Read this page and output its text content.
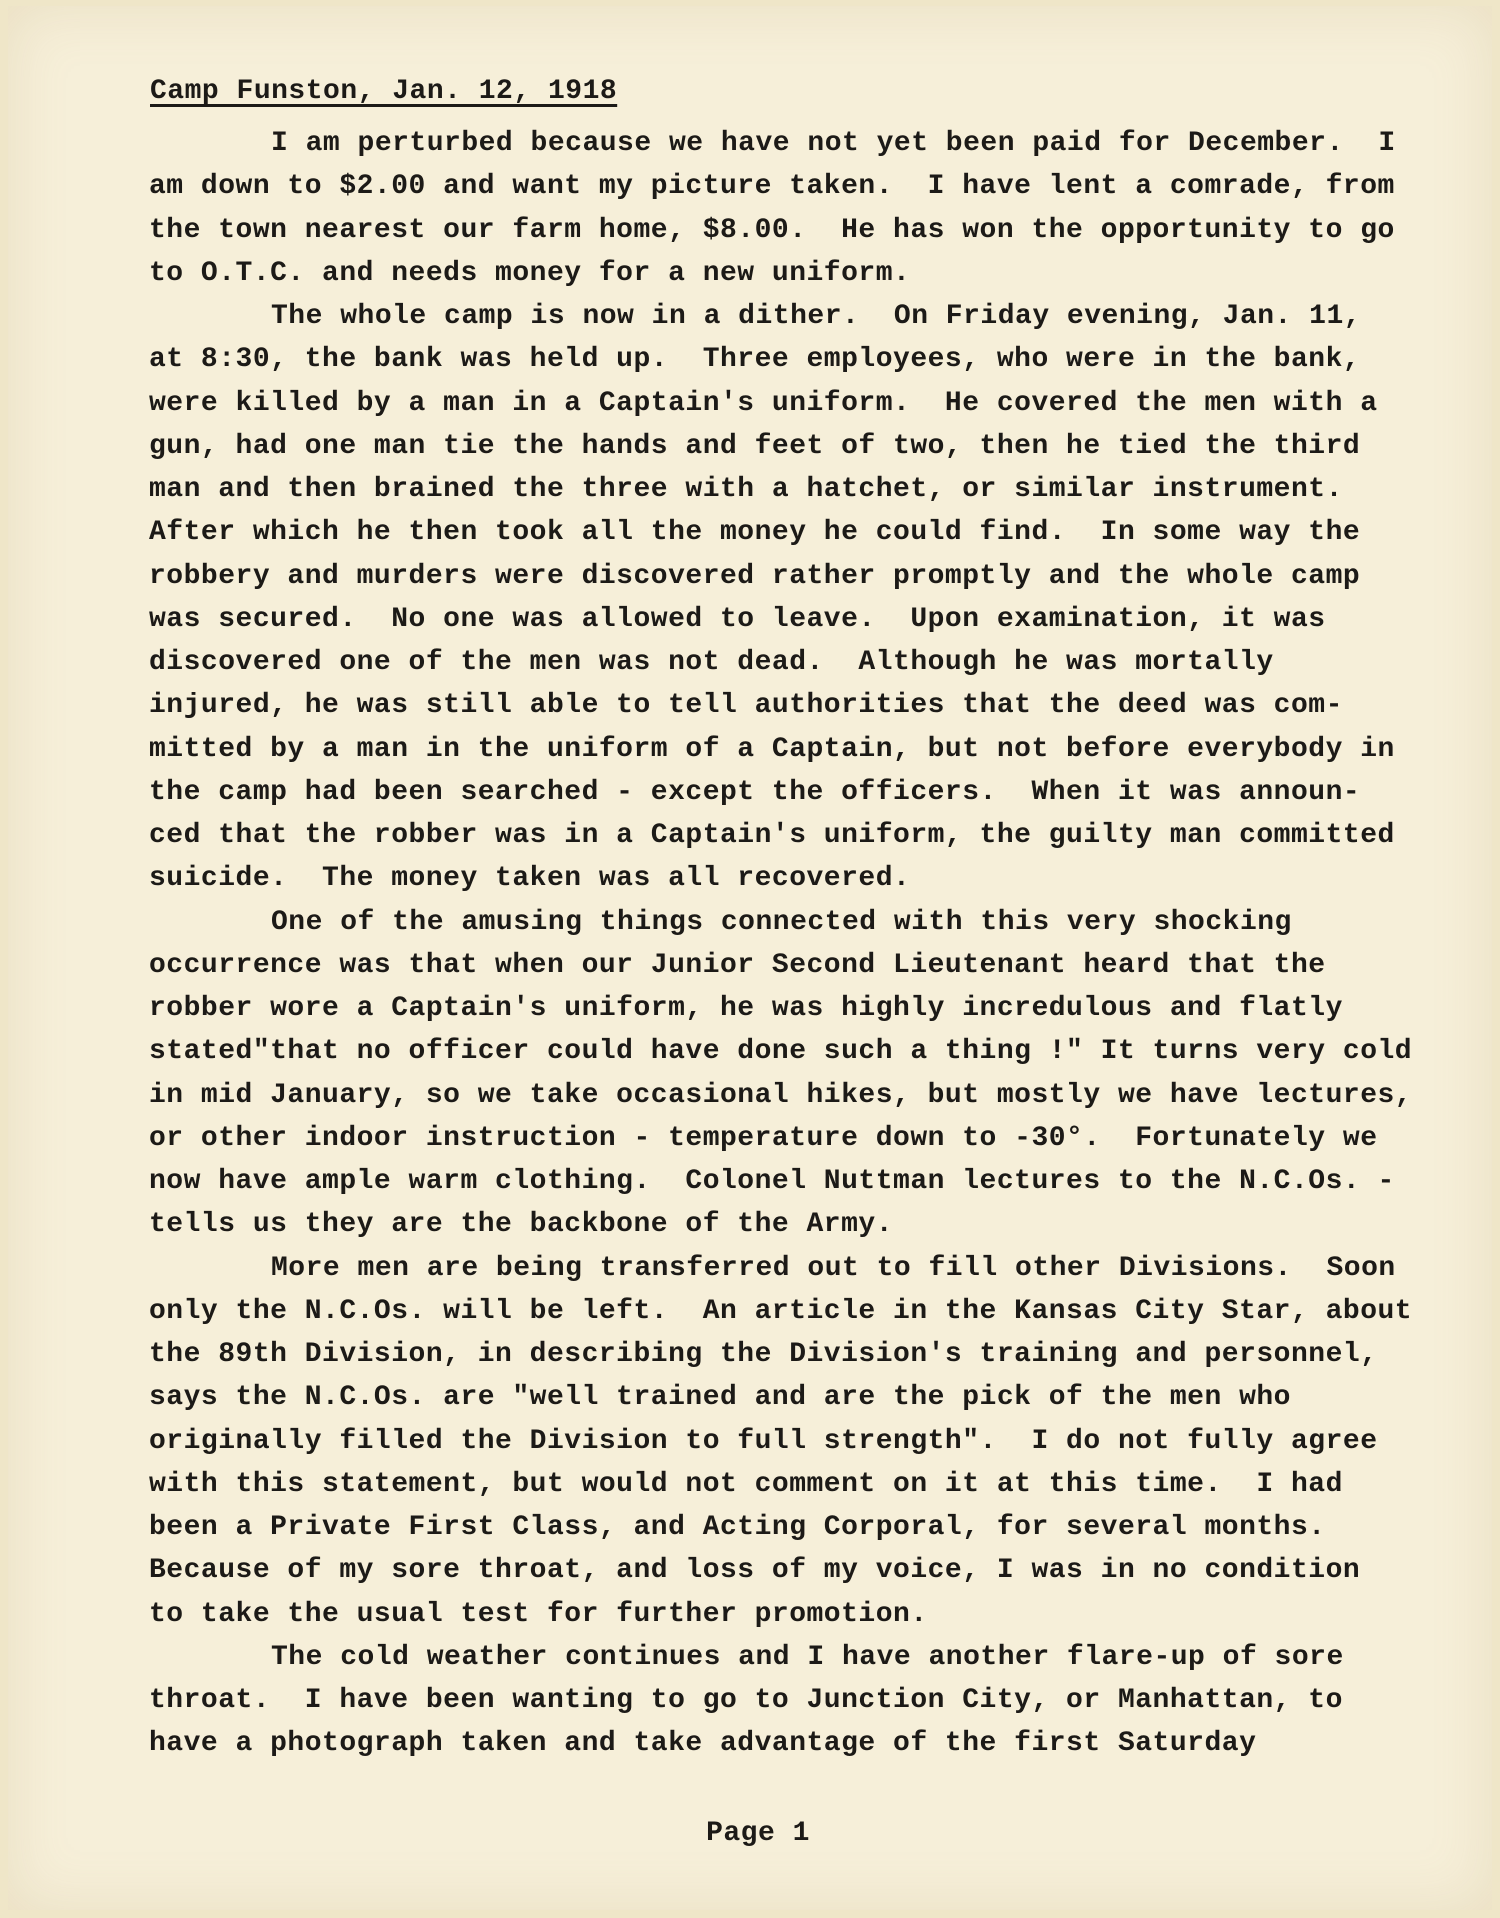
Camp Funston, Jan. 12, 1918
I am perturbed because we have not yet been paid for December.  I
am down to $2.00 and want my picture taken.  I have lent a comrade, from
the town nearest our farm home, $8.00.  He has won the opportunity to go
to O.T.C. and needs money for a new uniform.
The whole camp is now in a dither.  On Friday evening, Jan. 11,
at 8:30, the bank was held up.  Three employees, who were in the bank,
were killed by a man in a Captain's uniform.  He covered the men with a
gun, had one man tie the hands and feet of two, then he tied the third
man and then brained the three with a hatchet, or similar instrument.
After which he then took all the money he could find.  In some way the
robbery and murders were discovered rather promptly and the whole camp
was secured.  No one was allowed to leave.  Upon examination, it was
discovered one of the men was not dead.  Although he was mortally
injured, he was still able to tell authorities that the deed was com-
mitted by a man in the uniform of a Captain, but not before everybody in
the camp had been searched - except the officers.  When it was announ-
ced that the robber was in a Captain's uniform, the guilty man committed
suicide.  The money taken was all recovered.
One of the amusing things connected with this very shocking
occurrence was that when our Junior Second Lieutenant heard that the
robber wore a Captain's uniform, he was highly incredulous and flatly
stated"that no officer could have done such a thing !" It turns very cold
in mid January, so we take occasional hikes, but mostly we have lectures,
or other indoor instruction - temperature down to -30°.  Fortunately we
now have ample warm clothing.  Colonel Nuttman lectures to the N.C.Os. -
tells us they are the backbone of the Army.
More men are being transferred out to fill other Divisions.  Soon
only the N.C.Os. will be left.  An article in the Kansas City Star, about
the 89th Division, in describing the Division's training and personnel,
says the N.C.Os. are "well trained and are the pick of the men who
originally filled the Division to full strength".  I do not fully agree
with this statement, but would not comment on it at this time.  I had
been a Private First Class, and Acting Corporal, for several months.
Because of my sore throat, and loss of my voice, I was in no condition
to take the usual test for further promotion.
The cold weather continues and I have another flare-up of sore
throat.  I have been wanting to go to Junction City, or Manhattan, to
have a photograph taken and take advantage of the first Saturday
Page 1
